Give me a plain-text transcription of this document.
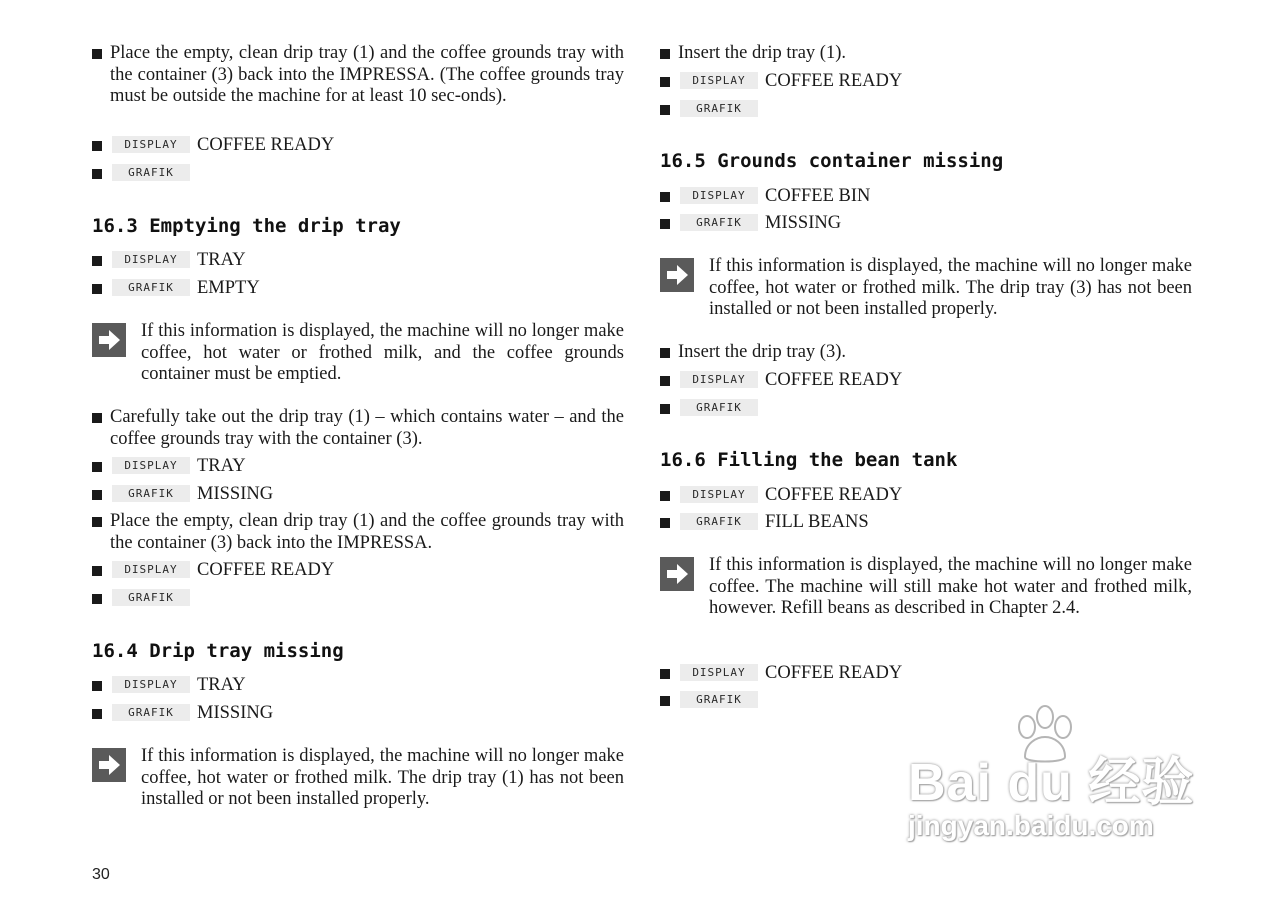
Place the empty, clean drip tray (1) and the coffee grounds tray with the container (3) back into the IMPRESSA. (The coffee grounds tray must be outside the machine for at least 10 sec-onds).
DISPLAY COFFEE READY
GRAFIK
16.3 Emptying the drip tray
DISPLAY TRAY
GRAFIK EMPTY
If this information is displayed, the machine will no longer make coffee, hot water or frothed milk, and the coffee grounds container must be emptied.
Carefully take out the drip tray (1) – which contains water – and the coffee grounds tray with the container (3).
DISPLAY TRAY
GRAFIK MISSING
Place the empty, clean drip tray (1) and the coffee grounds tray with the container (3) back into the IMPRESSA.
DISPLAY COFFEE READY
GRAFIK
16.4 Drip tray missing
DISPLAY TRAY
GRAFIK MISSING
If this information is displayed, the machine will no longer make coffee, hot water or frothed milk. The drip tray (1) has not been installed or not been installed properly.
Insert the drip tray (1).
DISPLAY COFFEE READY
GRAFIK
16.5 Grounds container missing
DISPLAY COFFEE BIN
GRAFIK MISSING
If this information is displayed, the machine will no longer make coffee, hot water or frothed milk. The drip tray (3) has not been installed or not been installed properly.
Insert the drip tray (3).
DISPLAY COFFEE READY
GRAFIK
16.6 Filling the bean tank
DISPLAY COFFEE READY
GRAFIK FILL BEANS
If this information is displayed, the machine will no longer make coffee. The machine will still make hot water and frothed milk, however. Refill beans as described in Chapter 2.4.
DISPLAY COFFEE READY
GRAFIK
30
Bai du 经验
jingyan.baidu.com
